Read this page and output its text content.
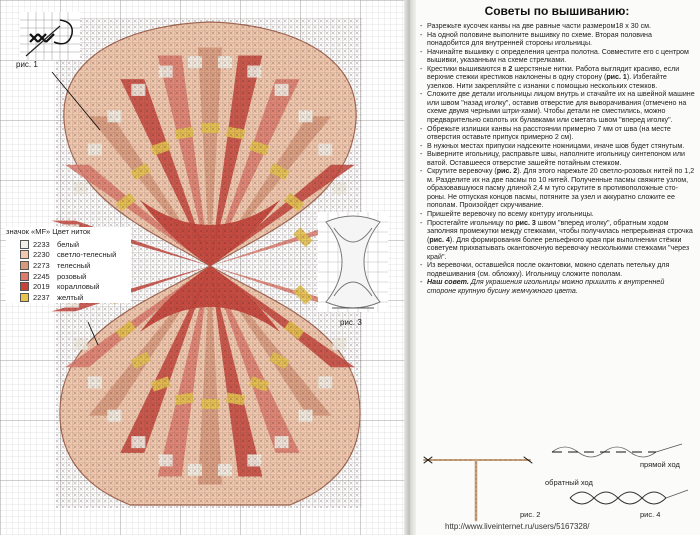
рис. 1
значок «MF» Цвет ниток
2233 белый
2230 светло-телесный
2273 телесный
2245 розовый
2019 коралловый
2237 желтый
рис. 3
Советы по вышиванию:

- Разрежьте кусочек канвы на две равные части размером18 x 30 см.

- На одной половине выполните вышивку по схеме. Вторая половина понадобится для внутренней стороны игольницы.

- Начинайте вышивку с определения центра полотна. Совместите его с центром вышивки, указанным на схеме стрелками.

- Крестики вышиваются в 2 шерстяные нитки. Работа выглядит красиво, если верхние стежки крестиков наклонены в одну сторону (рис. 1). Избегайте узелков. Нити закрепляйте с изнанки с помощью нескольких стежков.

- Сложите две детали игольницы лицом внутрь и стачайте их на швейной машине или швом "назад иголку", оставив отверстие для выворачивания (отмечено на схеме двумя черными штри-хами). Чтобы детали не сместились, можно предварительно сколоть их булавками или сметать швом "вперед иголку".

- Обрежьте излишки канвы на расстоянии примерно 7 мм от шва (на месте отверстия оставьте припуск примерно 2 см).

- В нужных местах припуски надсеките ножницами, иначе шов будет стянутым.

- Выверните игольницу, расправьте швы, наполните игольницу синтепоном или ватой. Оставшееся отверстие зашейте потайным стежком.

- Скрутите веревочку (рис. 2). Для этого нарежьте 20 светло-розовых нитей по 1,2 м. Разделите их на две пасмы по 10 нитей. Полученные пасмы свяжите узлом, образовавшуюся пасму длиной 2,4 м туго скрутите в противоположные сто-роны. Не отпуская концов пасмы, потяните за узел и аккуратно сложите ее пополам. Произойдет скручивание.

- Пришейте веревочку по всему контуру игольницы.

- Простегайте игольницу по рис. 3 швом "вперед иголку", обратным ходом заполняя промежутки между стежками, чтобы получилась непрерывная строчка (рис. 4). Для формирования более рельефного края при выполнении стёжки советуем прихватывать окантовочную веревочку несколькими стежками "через край".

- Из веревочки, оставшейся после окантовки, можно сделать петельку для подвешивания (см. обложку). Игольницу сложите пополам.

- Наш совет. Для украшения игольницы можно пришить к внутренней стороне крупную бусину жемчужного цвета.

прямой ход
обратный ход
рис. 2	рис. 4
http://www.liveinternet.ru/users/5167328/
